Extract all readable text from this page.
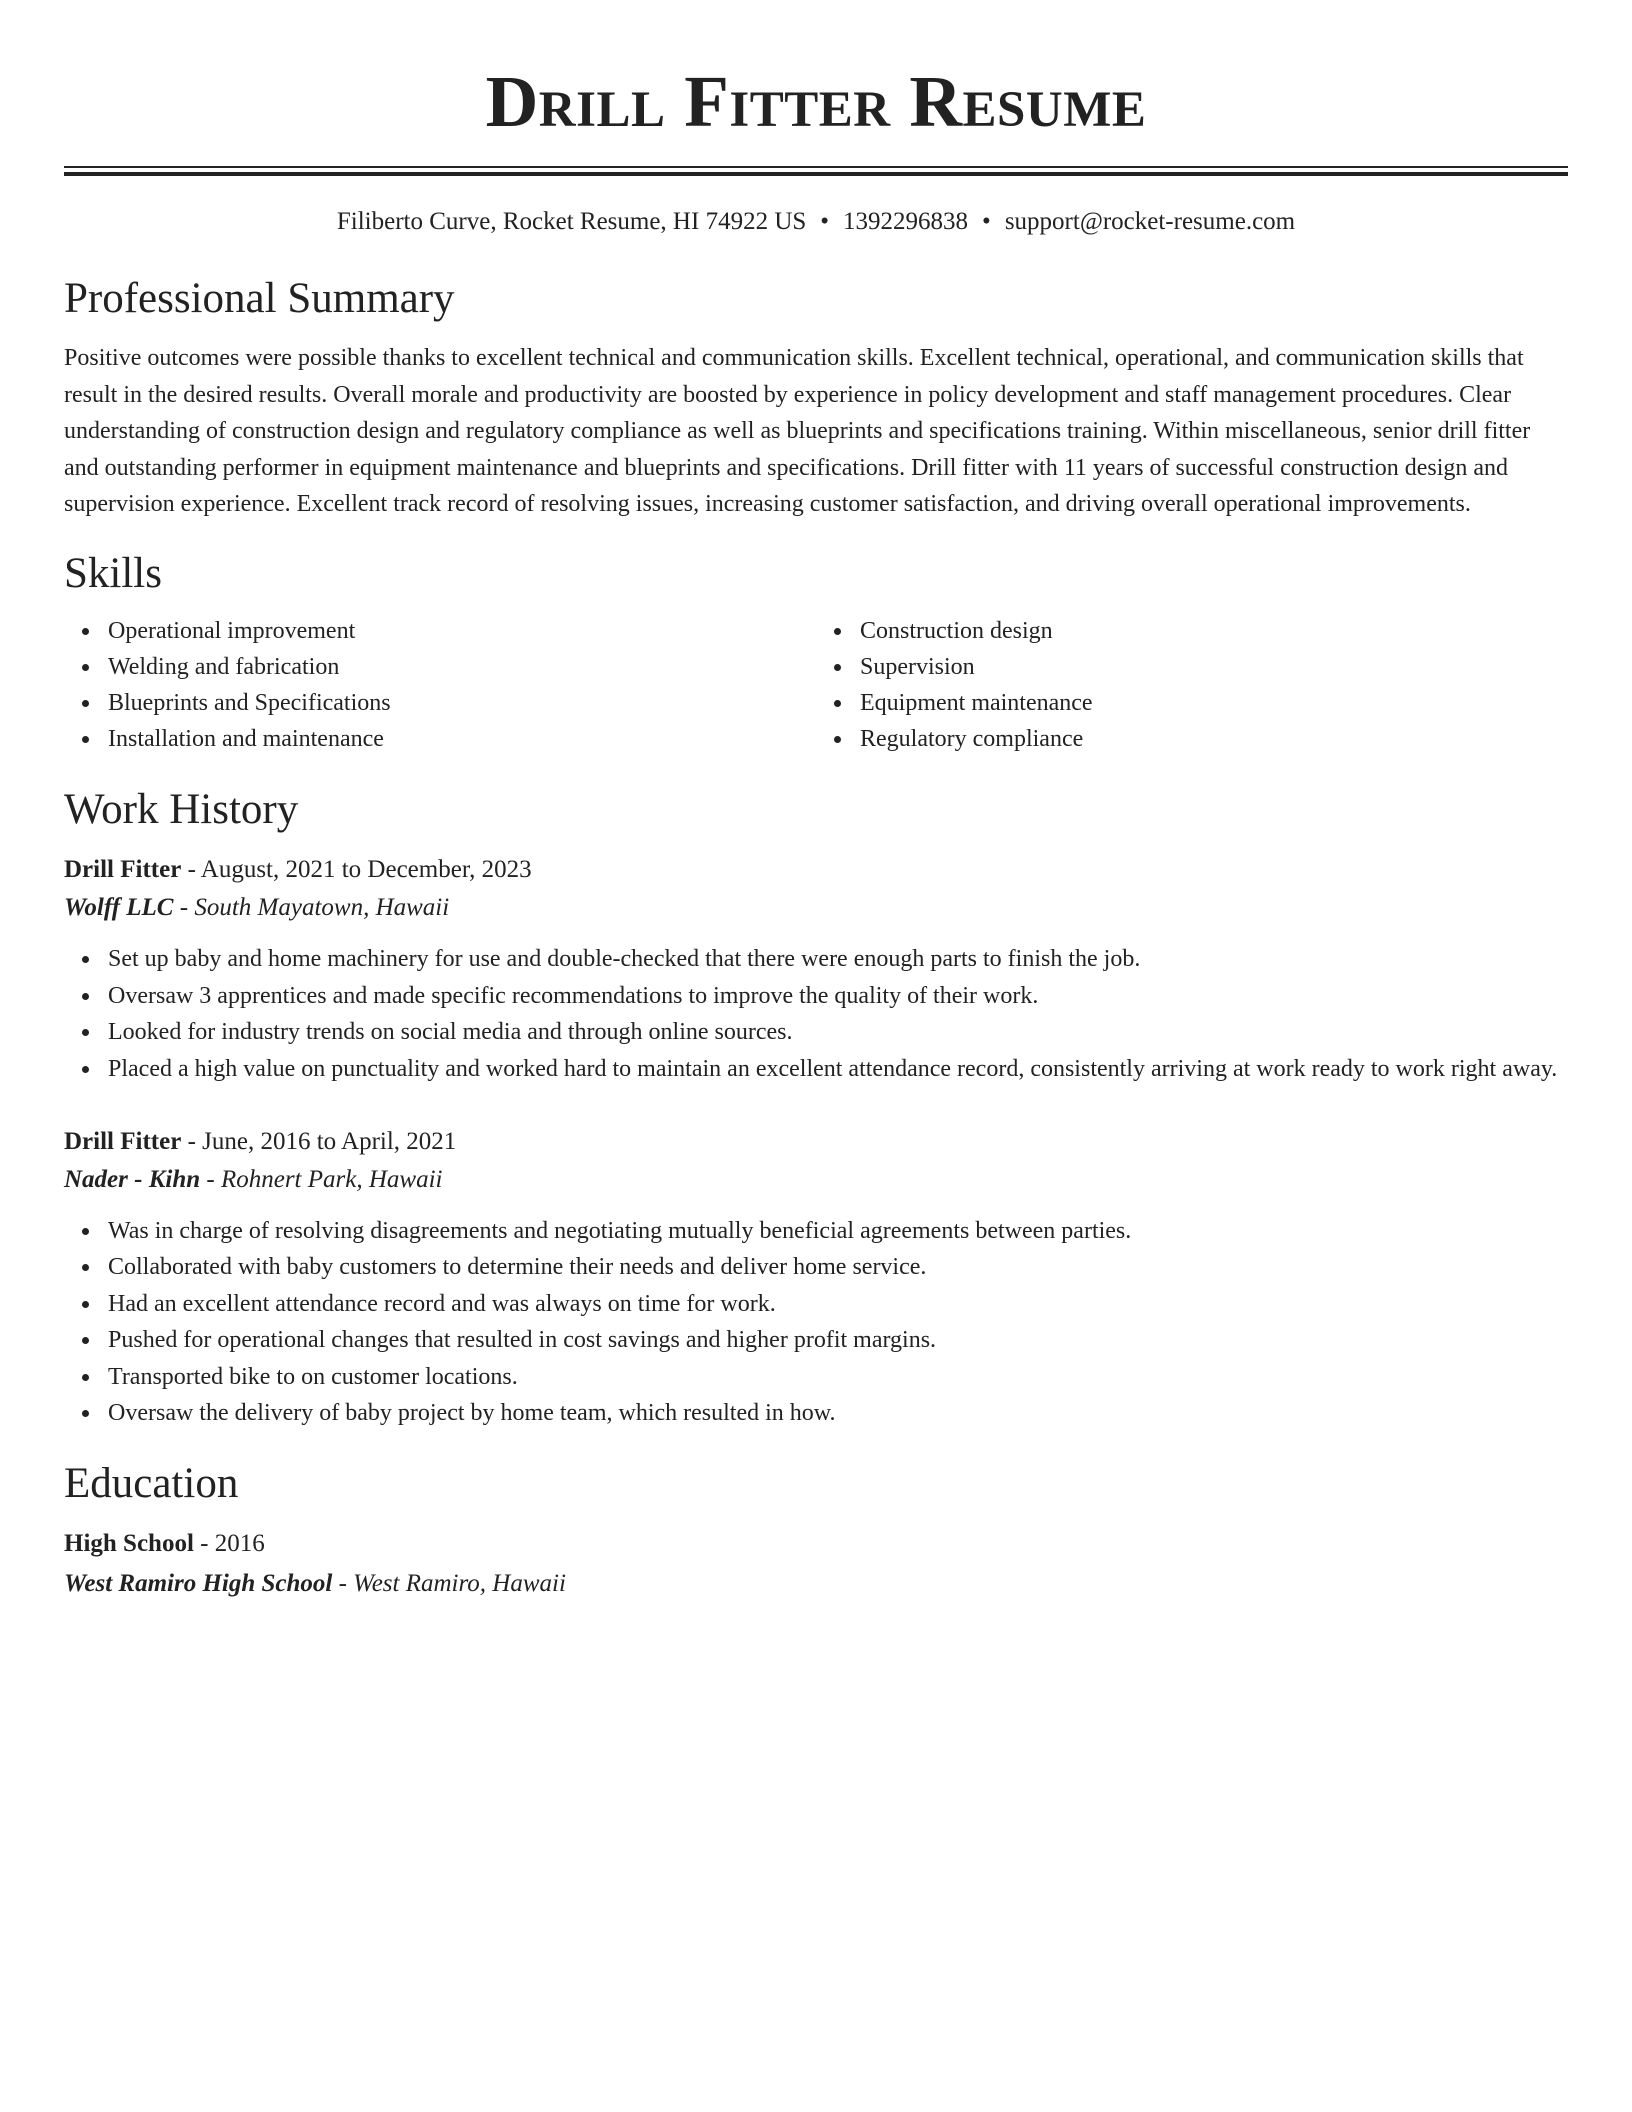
Drill Fitter Resume
Filiberto Curve, Rocket Resume, HI 74922 US • 1392296838 • support@rocket-resume.com
Professional Summary

Positive outcomes were possible thanks to excellent technical and communication skills. Excellent technical, operational, and communication skills that result in the desired results. Overall morale and productivity are boosted by experience in policy development and staff management procedures. Clear understanding of construction design and regulatory compliance as well as blueprints and specifications training. Within miscellaneous, senior drill fitter and outstanding performer in equipment maintenance and blueprints and specifications. Drill fitter with 11 years of successful construction design and supervision experience. Excellent track record of resolving issues, increasing customer satisfaction, and driving overall operational improvements.

Skills
Operational improvement
Welding and fabrication
Blueprints and Specifications
Installation and maintenance
Construction design
Supervision
Equipment maintenance
Regulatory compliance
Work History
Drill Fitter - August, 2021 to December, 2023
Wolff LLC - South Mayatown, Hawaii
Set up baby and home machinery for use and double-checked that there were enough parts to finish the job.
Oversaw 3 apprentices and made specific recommendations to improve the quality of their work.
Looked for industry trends on social media and through online sources.
Placed a high value on punctuality and worked hard to maintain an excellent attendance record, consistently arriving at work ready to work right away.
Drill Fitter - June, 2016 to April, 2021
Nader - Kihn - Rohnert Park, Hawaii
Was in charge of resolving disagreements and negotiating mutually beneficial agreements between parties.
Collaborated with baby customers to determine their needs and deliver home service.
Had an excellent attendance record and was always on time for work.
Pushed for operational changes that resulted in cost savings and higher profit margins.
Transported bike to on customer locations.
Oversaw the delivery of baby project by home team, which resulted in how.
Education
High School - 2016
West Ramiro High School - West Ramiro, Hawaii
